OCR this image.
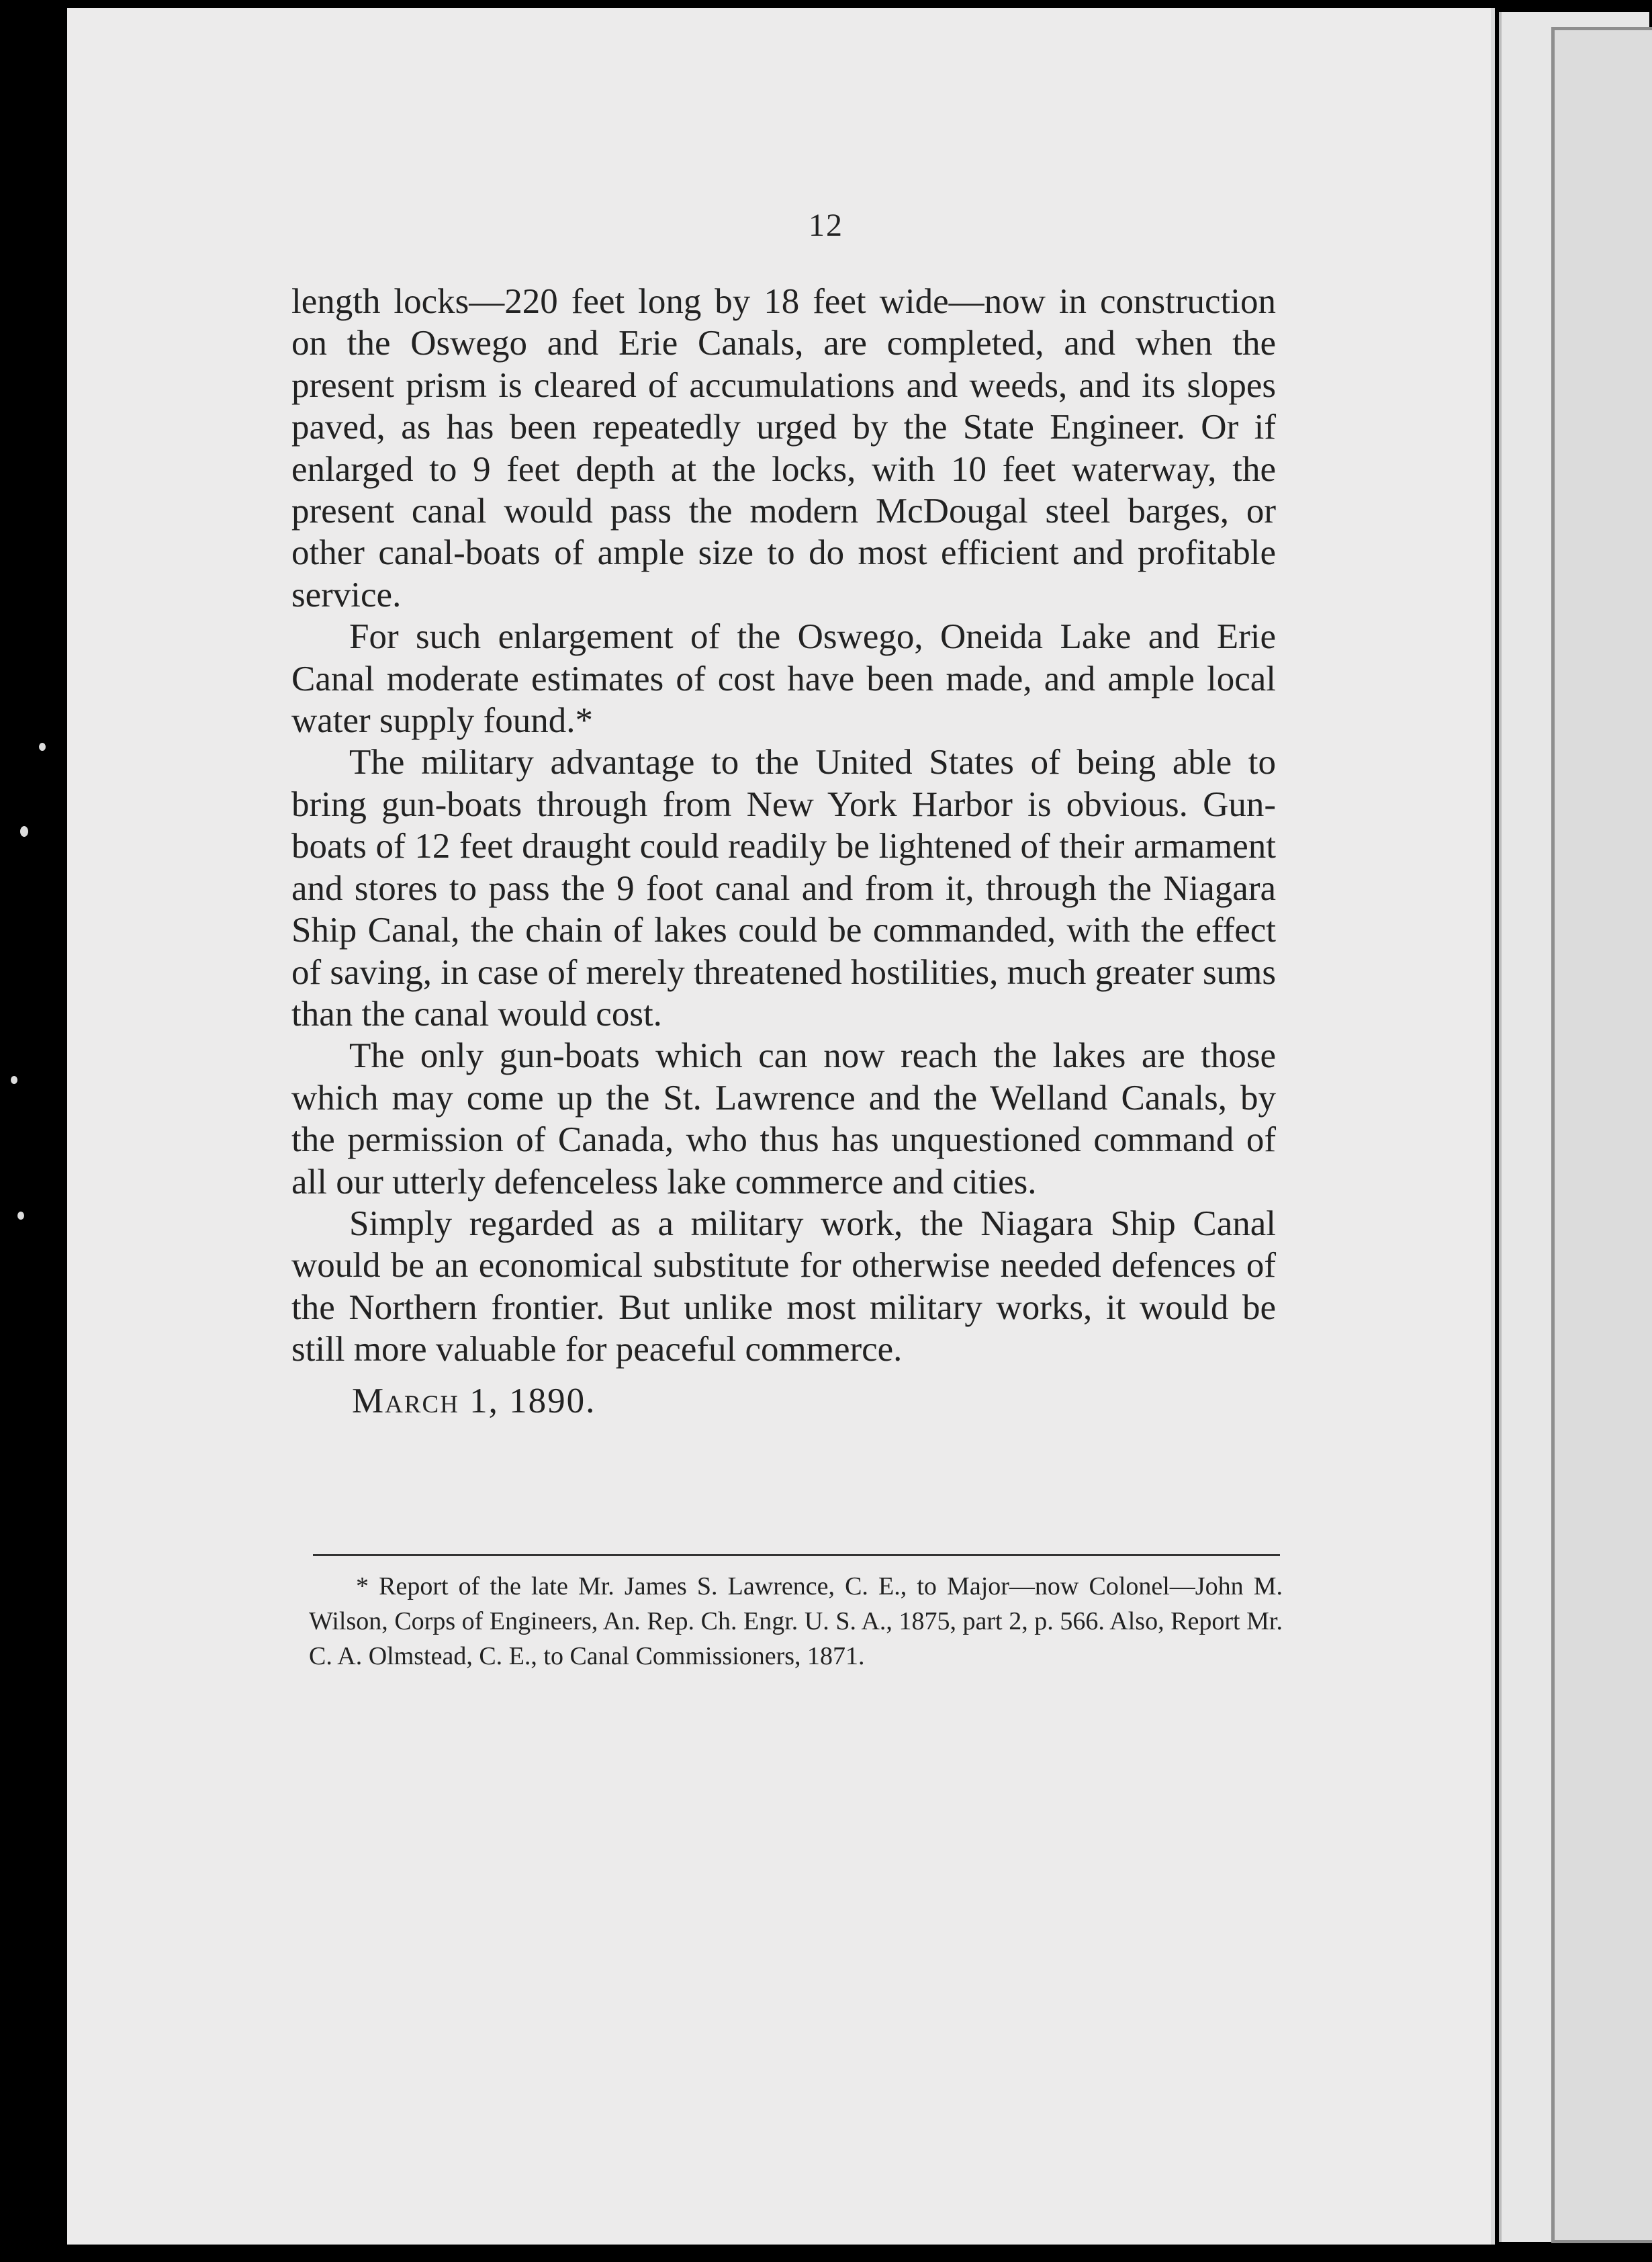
12

length locks—220 feet long by 18 feet wide—now in construction on the Oswego and Erie Canals, are completed, and when the present prism is cleared of accumulations and weeds, and its slopes paved, as has been repeatedly urged by the State Engineer. Or if enlarged to 9 feet depth at the locks, with 10 feet waterway, the present canal would pass the modern McDougal steel barges, or other canal-boats of ample size to do most efficient and profitable service.

For such enlargement of the Oswego, Oneida Lake and Erie Canal moderate estimates of cost have been made, and ample local water supply found.*

The military advantage to the United States of being able to bring gun-boats through from New York Harbor is obvious. Gun-boats of 12 feet draught could readily be lightened of their armament and stores to pass the 9 foot canal and from it, through the Niagara Ship Canal, the chain of lakes could be commanded, with the effect of saving, in case of merely threatened hostilities, much greater sums than the canal would cost.

The only gun-boats which can now reach the lakes are those which may come up the St. Lawrence and the Welland Canals, by the permission of Canada, who thus has unquestioned command of all our utterly defenceless lake commerce and cities.

Simply regarded as a military work, the Niagara Ship Canal would be an economical substitute for otherwise needed defences of the Northern frontier. But unlike most military works, it would be still more valuable for peaceful commerce.

March 1, 1890.

* Report of the late Mr. James S. Lawrence, C. E., to Major—now Colonel—John M. Wilson, Corps of Engineers, An. Rep. Ch. Engr. U. S. A., 1875, part 2, p. 566. Also, Report Mr. C. A. Olmstead, C. E., to Canal Commissioners, 1871.
